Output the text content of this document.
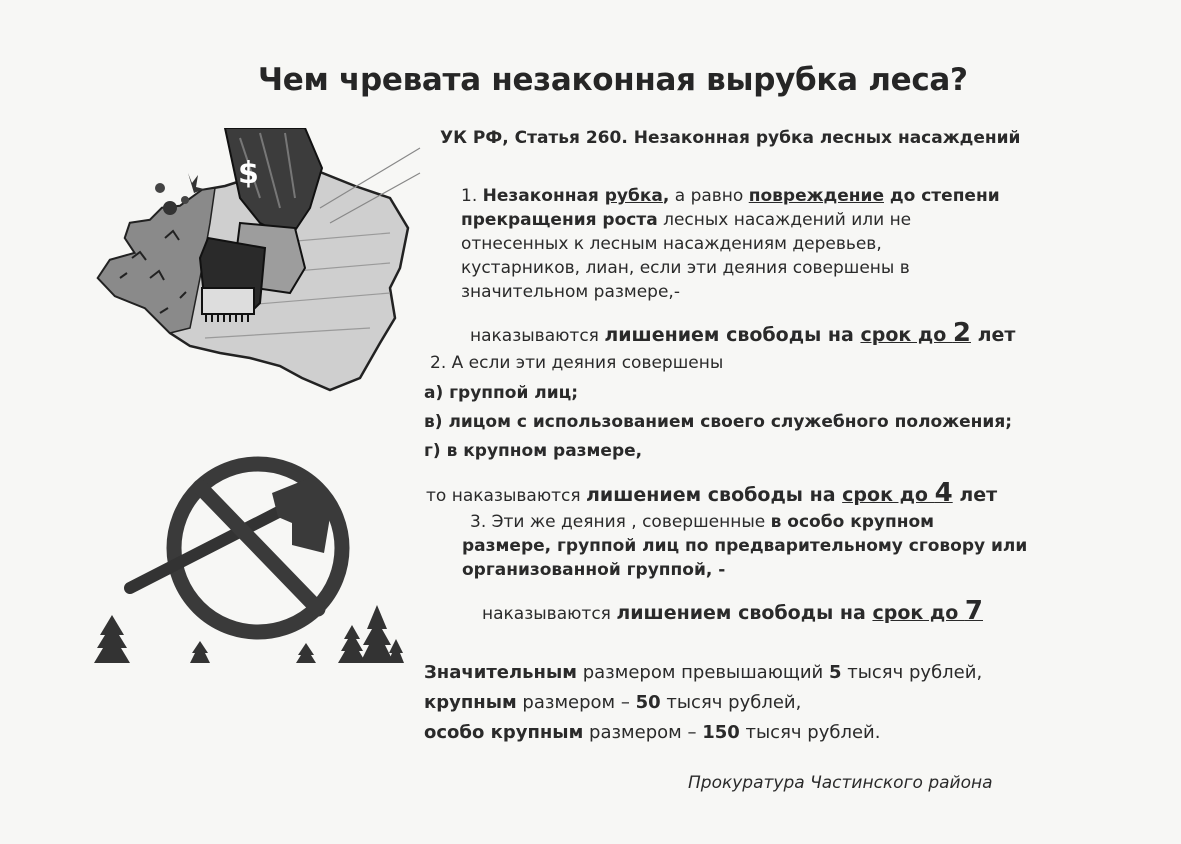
$
Чем чревата незаконная вырубка леса?
УК РФ, Статья 260. Незаконная рубка лесных насаждений
1. Незаконная рубка, а равно повреждение до степени
прекращения роста лесных насаждений или не
отнесенных к лесным насаждениям деревьев,
кустарников, лиан, если эти деяния совершены в
значительном размере,-
наказываются лишением свободы на срок до 2 лет
2. А если эти деяния совершены
а) группой лиц;
в) лицом с использованием своего служебного положения;
г) в крупном размере,
то наказываются лишением свободы на срок до 4 лет
3. Эти же деяния , совершенные в особо крупном
размере, группой лиц по предварительному сговору или
организованной группой, -
наказываются лишением свободы на срок до 7
Значительным размером превышающий 5 тысяч рублей,
крупным размером – 50 тысяч рублей,
особо крупным размером – 150 тысяч рублей.
Прокуратура Частинского района
